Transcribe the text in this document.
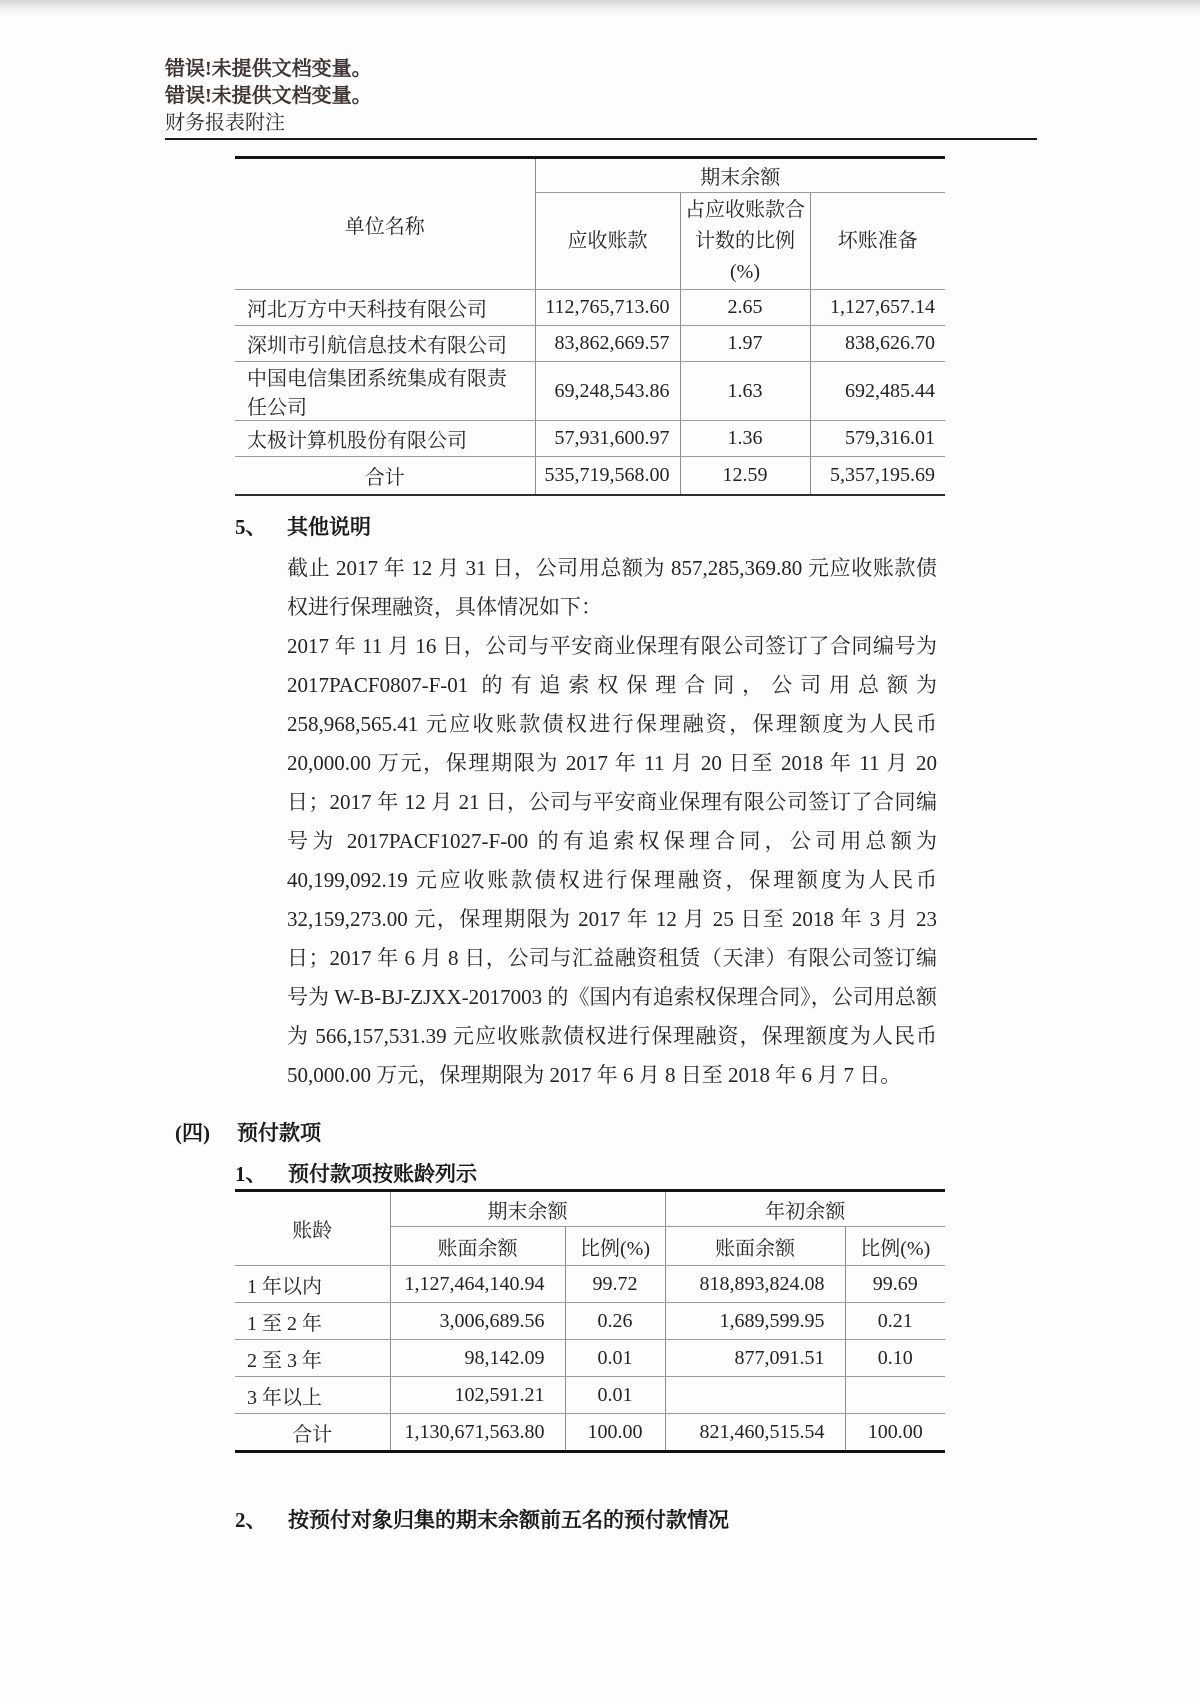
错误!未提供文档变量。
错误!未提供文档变量。
财务报表附注
单位名称	期末余额		
	应收账款	占应收账款合计数的比例(%)	坏账准备
河北万方中天科技有限公司	112,765,713.60	2.65	1,127,657.14
深圳市引航信息技术有限公司	83,862,669.57	1.97	838,626.70
中国电信集团系统集成有限责任公司	69,248,543.86	1.63	692,485.44
太极计算机股份有限公司	57,931,600.97	1.36	579,316.01
合计	535,719,568.00	12.59	5,357,195.69
5、 其他说明

截止 2017 年 12 月 31 日，公司用总额为 857,285,369.80 元应收账款债权进行保理融资，具体情况如下：

2017 年 11 月 16 日，公司与平安商业保理有限公司签订了合同编号为 2017PACF0807-F-01 的有追索权保理合同，公司用总额为 258,968,565.41 元应收账款债权进行保理融资，保理额度为人民币 20,000.00 万元，保理期限为 2017 年 11 月 20 日至 2018 年 11 月 20 日；2017 年 12 月 21 日，公司与平安商业保理有限公司签订了合同编号为 2017PACF1027-F-00 的有追索权保理合同，公司用总额为 40,199,092.19 元应收账款债权进行保理融资，保理额度为人民币 32,159,273.00 元，保理期限为 2017 年 12 月 25 日至 2018 年 3 月 23 日；2017 年 6 月 8 日，公司与汇益融资租赁（天津）有限公司签订编号为 W-B-BJ-ZJXX-2017003 的《国内有追索权保理合同》，公司用总额为 566,157,531.39 元应收账款债权进行保理融资，保理额度为人民币 50,000.00 万元，保理期限为 2017 年 6 月 8 日至 2018 年 6 月 7 日。

(四)	预付款项
1、	预付款项按账龄列示
账龄	期末余额		年初余额	
	账面余额	比例(%)	账面余额	比例(%)
1 年以内	1,127,464,140.94	99.72	818,893,824.08	99.69
1 至 2 年	3,006,689.56	0.26	1,689,599.95	0.21
2 至 3 年	98,142.09	0.01	877,091.51	0.10
3 年以上	102,591.21	0.01		
合计	1,130,671,563.80	100.00	821,460,515.54	100.00
2、	按预付对象归集的期末余额前五名的预付款情况
